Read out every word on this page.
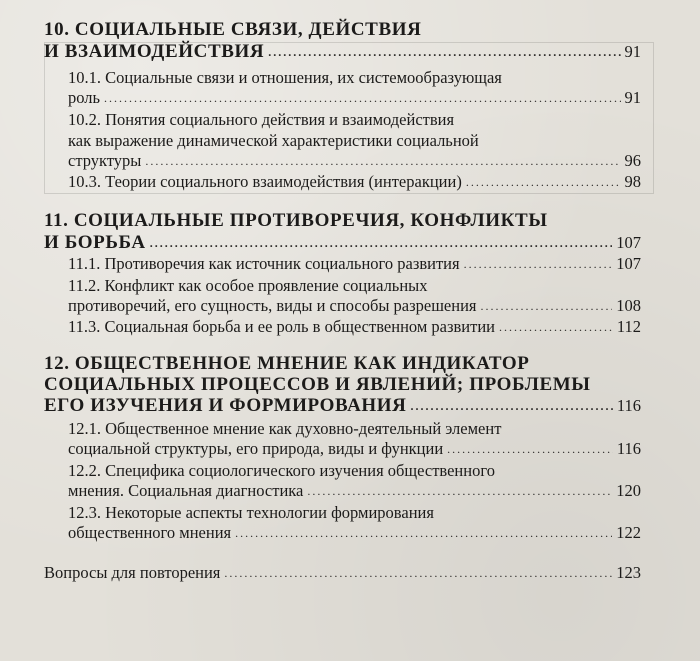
10. СОЦИАЛЬНЫЕ СВЯЗИ, ДЕЙСТВИЯ
И ВЗАИМОДЕЙСТВИЯ . . .	91
10.1. Социальные связи и отношения, их системообразующая
роль . . .	91
10.2. Понятия социального действия и взаимодействия
как выражение динамической характеристики социальной
структуры . . .	96
10.3. Теории социального взаимодействия (интеракции) . . .	98
11. СОЦИАЛЬНЫЕ ПРОТИВОРЕЧИЯ, КОНФЛИКТЫ
И БОРЬБА . . .	107
11.1. Противоречия как источник социального развития . . .	107
11.2. Конфликт как особое проявление социальных
противоречий, его сущность, виды и способы разрешения . . .	108
11.3. Социальная борьба и ее роль в общественном развитии . . .	112
12. ОБЩЕСТВЕННОЕ МНЕНИЕ КАК ИНДИКАТОР
СОЦИАЛЬНЫХ ПРОЦЕССОВ И ЯВЛЕНИЙ; ПРОБЛЕМЫ
ЕГО ИЗУЧЕНИЯ И ФОРМИРОВАНИЯ . . .	116
12.1. Общественное мнение как духовно-деятельный элемент
социальной структуры, его природа, виды и функции . . .	116
12.2. Специфика социологического изучения общественного
мнения. Социальная диагностика . . .	120
12.3. Некоторые аспекты технологии формирования
общественного мнения . . .	122
Вопросы для повторения . . .	123
